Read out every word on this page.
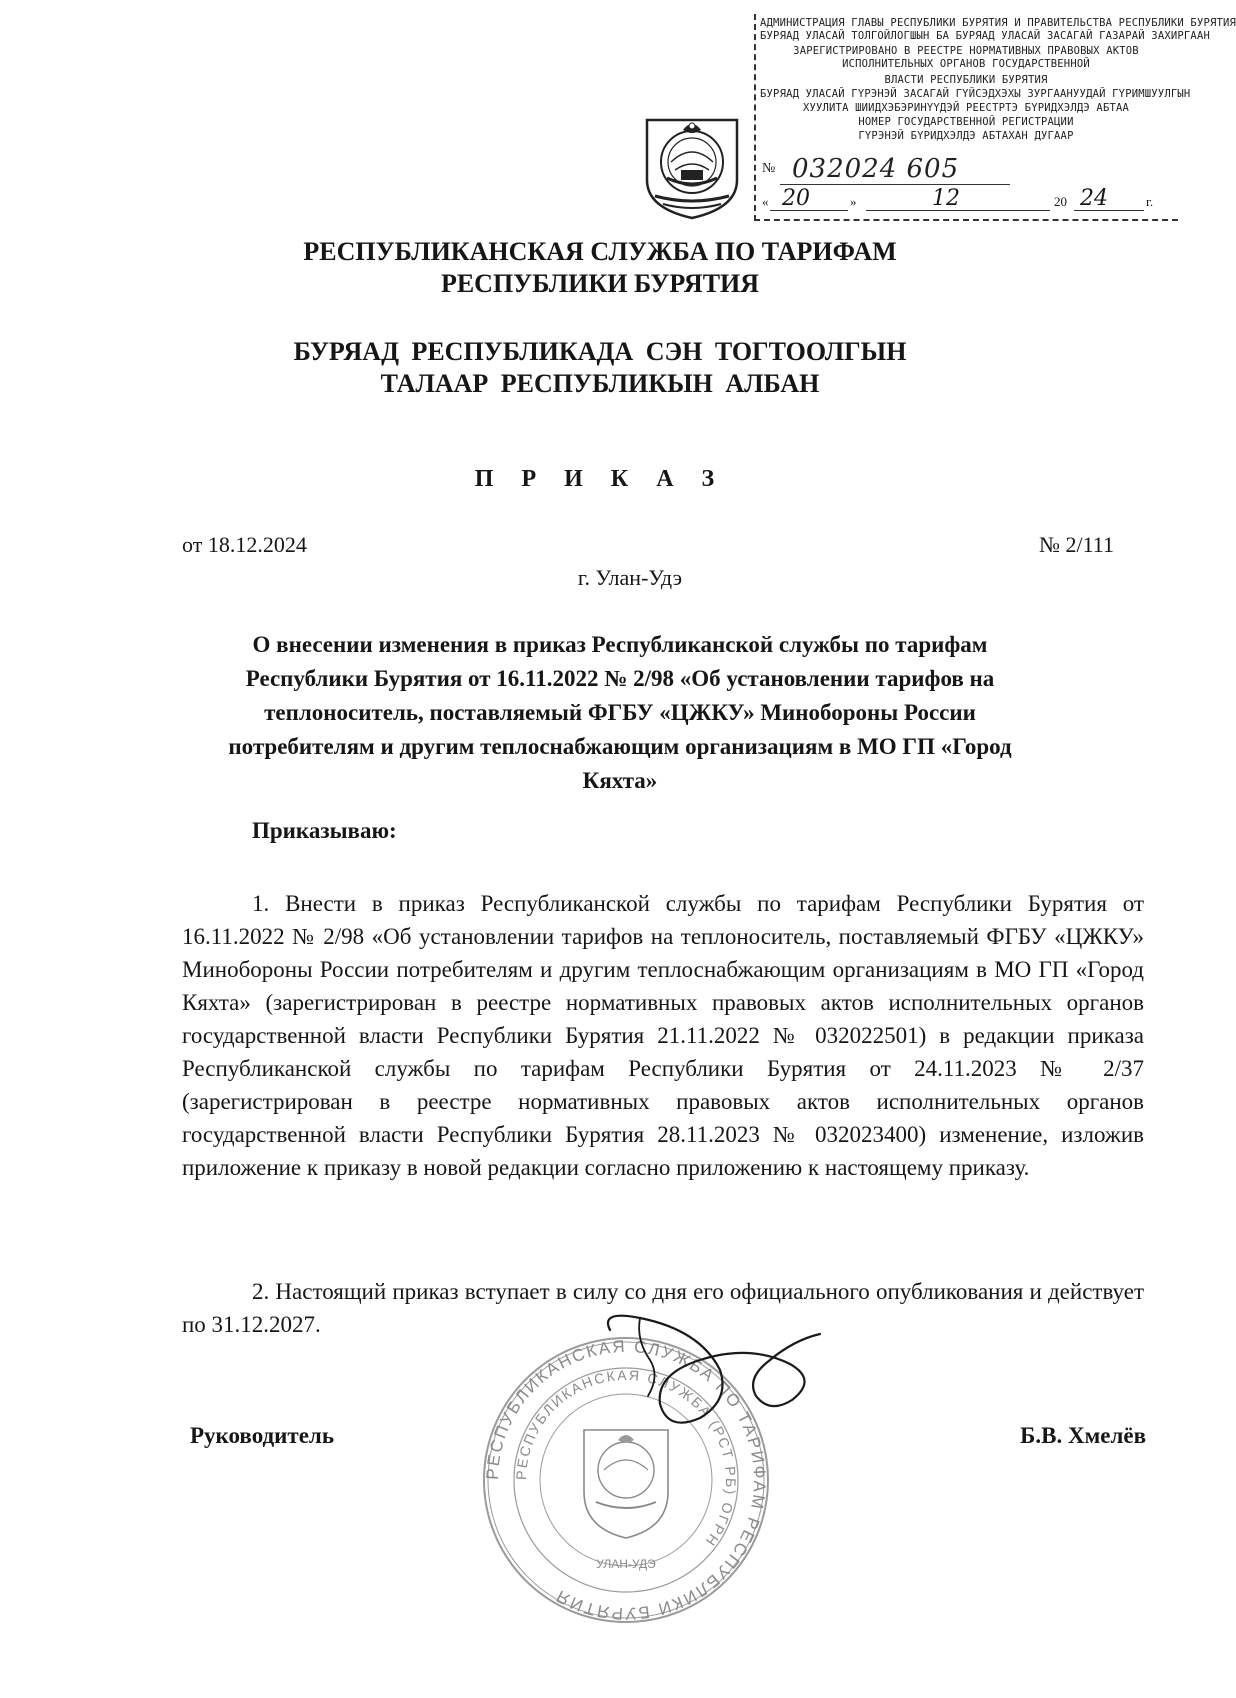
АДМИНИСТРАЦИЯ ГЛАВЫ РЕСПУБЛИКИ БУРЯТИЯ И ПРАВИТЕЛЬСТВА РЕСПУБЛИКИ БУРЯТИЯ
БУРЯАД УЛАСАЙ ТОЛГОЙЛОГШЫН БА БУРЯАД УЛАСАЙ ЗАСАГАЙ ГАЗАРАЙ ЗАХИРГААН
ЗАРЕГИСТРИРОВАНО В РЕЕСТРЕ НОРМАТИВНЫХ ПРАВОВЫХ АКТОВ
ИСПОЛНИТЕЛЬНЫХ ОРГАНОВ ГОСУДАРСТВЕННОЙ
ВЛАСТИ РЕСПУБЛИКИ БУРЯТИЯ
БУРЯАД УЛАСАЙ ГҮРЭНЭЙ ЗАСАГАЙ ГҮЙСЭДХЭХЫ ЗУРГААНУУДАЙ ГҮРИМШУУЛГЫН
ХУУЛИТА ШИИДХЭБЭРИНҮҮДЭЙ РЕЕСТРТЭ БҮРИДХЭЛДЭ АБТАА
НОМЕР ГОСУДАРСТВЕННОЙ РЕГИСТРАЦИИ
ГҮРЭНЭЙ БҮРИДХЭЛДЭ АБТАХАН ДУГААР
№ 032024 605
« 20	»	12	20 24	г.
РЕСПУБЛИКАНСКАЯ СЛУЖБА ПО ТАРИФАМ РЕСПУБЛИКИ БУРЯТИЯ
БУРЯАД РЕСПУБЛИКАДА СЭН ТОГТООЛГЫН ТАЛААР РЕСПУБЛИКЫН АЛБАН
П Р И К А З
от 18.12.2024	№ 2/111
г. Улан-Удэ
О внесении изменения в приказ Республиканской службы по тарифам Республики Бурятия от 16.11.2022 № 2/98 «Об установлении тарифов на теплоноситель, поставляемый ФГБУ «ЦЖКУ» Минобороны России потребителям и другим теплоснабжающим организациям в МО ГП «Город Кяхта»
Приказываю:
1. Внести в приказ Республиканской службы по тарифам Республики Бурятия от 16.11.2022 № 2/98 «Об установлении тарифов на теплоноситель, поставляемый ФГБУ «ЦЖКУ» Минобороны России потребителям и другим теплоснабжающим организациям в МО ГП «Город Кяхта» (зарегистрирован в реестре нормативных правовых актов исполнительных органов государственной власти Республики Бурятия 21.11.2022 № 032022501) в редакции приказа Республиканской службы по тарифам Республики Бурятия от 24.11.2023 № 2/37 (зарегистрирован в реестре нормативных правовых актов исполнительных органов государственной власти Республики Бурятия 28.11.2023 № 032023400) изменение, изложив приложение к приказу в новой редакции согласно приложению к настоящему приказу.
2. Настоящий приказ вступает в силу со дня его официального опубликования и действует по 31.12.2027.
РЕСПУБЛИКАНСКАЯ СЛУЖБА ПО ТАРИФАМ РЕСПУБЛИКИ БУРЯТИЯ
РЕСПУБЛИКАНСКАЯ СЛУЖБА (РСТ РБ) ОГРН
УЛАН-УДЭ
Руководитель	Б.В. Хмелёв
